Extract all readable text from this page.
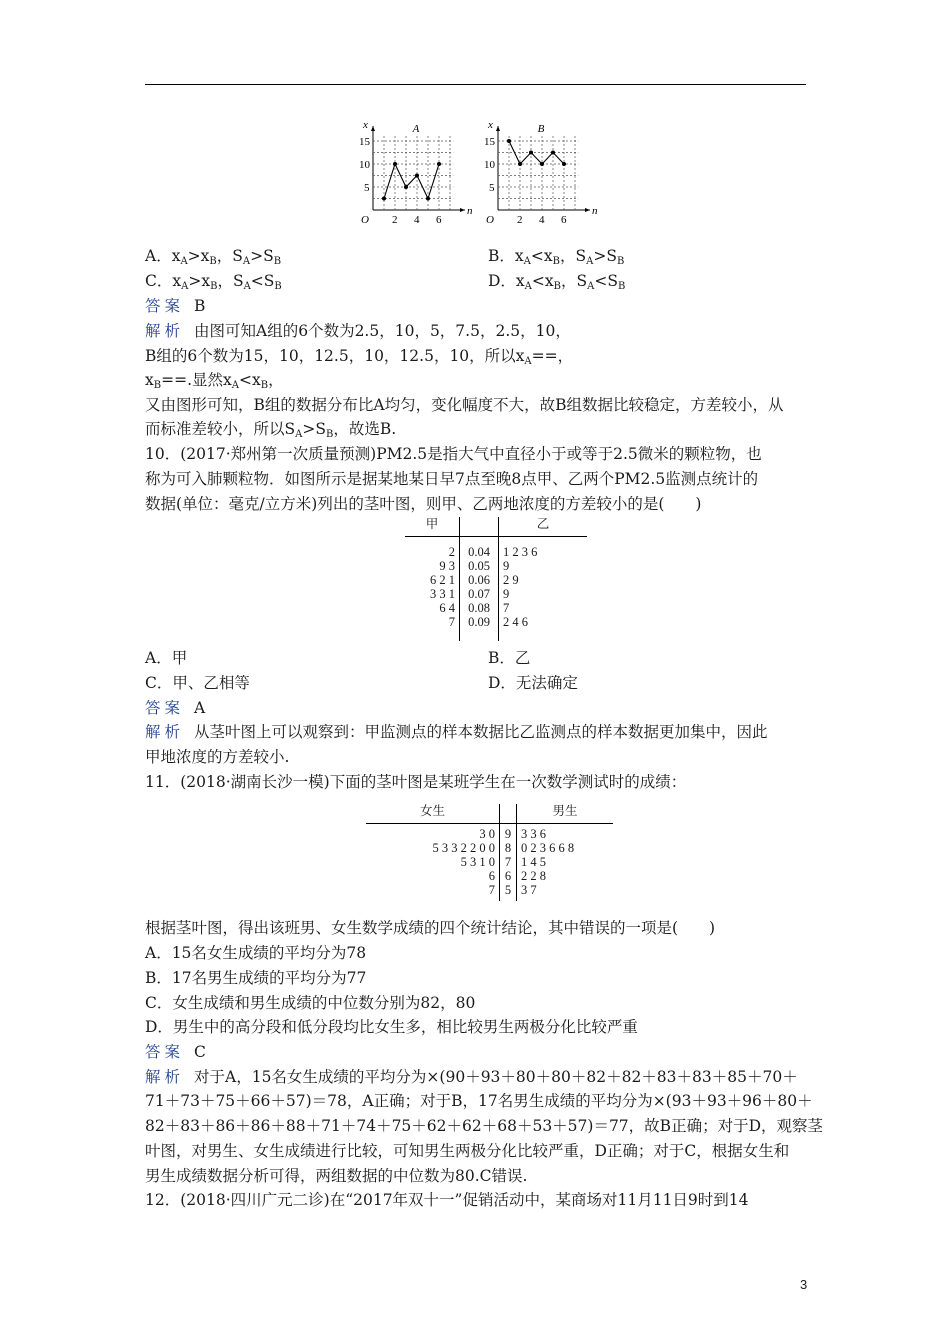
A
x
n
O 2 4 6
5
10
15
B
x
n
O 2 4 6
5
10
15
A．xA>xB，SA>SB	B．xA<xB，SA>SB
C．xA>xB，SA<SB	D．xA<xB，SA<SB
答案 B
解析 由图可知A组的6个数为2.5，10，5，7.5，2.5，10，
B组的6个数为15，10，12.5，10，12.5，10，所以xA==，
xB==.显然xA<xB，
又由图形可知，B组的数据分布比A均匀，变化幅度不大，故B组数据比较稳定，方差较小，从
而标准差较小，所以SA>SB，故选B.
10．(2017·郑州第一次质量预测)PM2.5是指大气中直径小于或等于2.5微米的颗粒物，也
称为可入肺颗粒物．如图所示是据某地某日早7点至晚8点甲、乙两个PM2.5监测点统计的
数据(单位：毫克/立方米)列出的茎叶图，则甲、乙两地浓度的方差较小的是(　　)
甲		乙
2	0.04	1 2 3 6
9 3	0.05	9
6 2 1	0.06	2 9
3 3 1	0.07	9
6 4	0.08	7
7	0.09	2 4 6
A．甲	B．乙
C．甲、乙相等	D．无法确定
答案 A
解析 从茎叶图上可以观察到：甲监测点的样本数据比乙监测点的样本数据更加集中，因此
甲地浓度的方差较小.
11．(2018·湖南长沙一模)下面的茎叶图是某班学生在一次数学测试时的成绩：
女生		男生
3 0	9	3 3 6
5 3 3 2 2 0 0	8	0 2 3 6 6 8
5 3 1 0	7	1 4 5
6	6	2 2 8
7	5	3 7
根据茎叶图，得出该班男、女生数学成绩的四个统计结论，其中错误的一项是(　　)
A．15名女生成绩的平均分为78
B．17名男生成绩的平均分为77
C．女生成绩和男生成绩的中位数分别为82，80
D．男生中的高分段和低分段均比女生多，相比较男生两极分化比较严重
答案 C
解析 对于A，15名女生成绩的平均分为×(90＋93＋80＋80＋82＋82＋83＋83＋85＋70＋
71＋73＋75＋66＋57)＝78，A正确；对于B，17名男生成绩的平均分为×(93＋93＋96＋80＋
82＋83＋86＋86＋88＋71＋74＋75＋62＋62＋68＋53＋57)＝77，故B正确；对于D，观察茎
叶图，对男生、女生成绩进行比较，可知男生两极分化比较严重，D正确；对于C，根据女生和
男生成绩数据分析可得，两组数据的中位数为80.C错误.
12．(2018·四川广元二诊)在“2017年双十一”促销活动中，某商场对11月11日9时到14
3
